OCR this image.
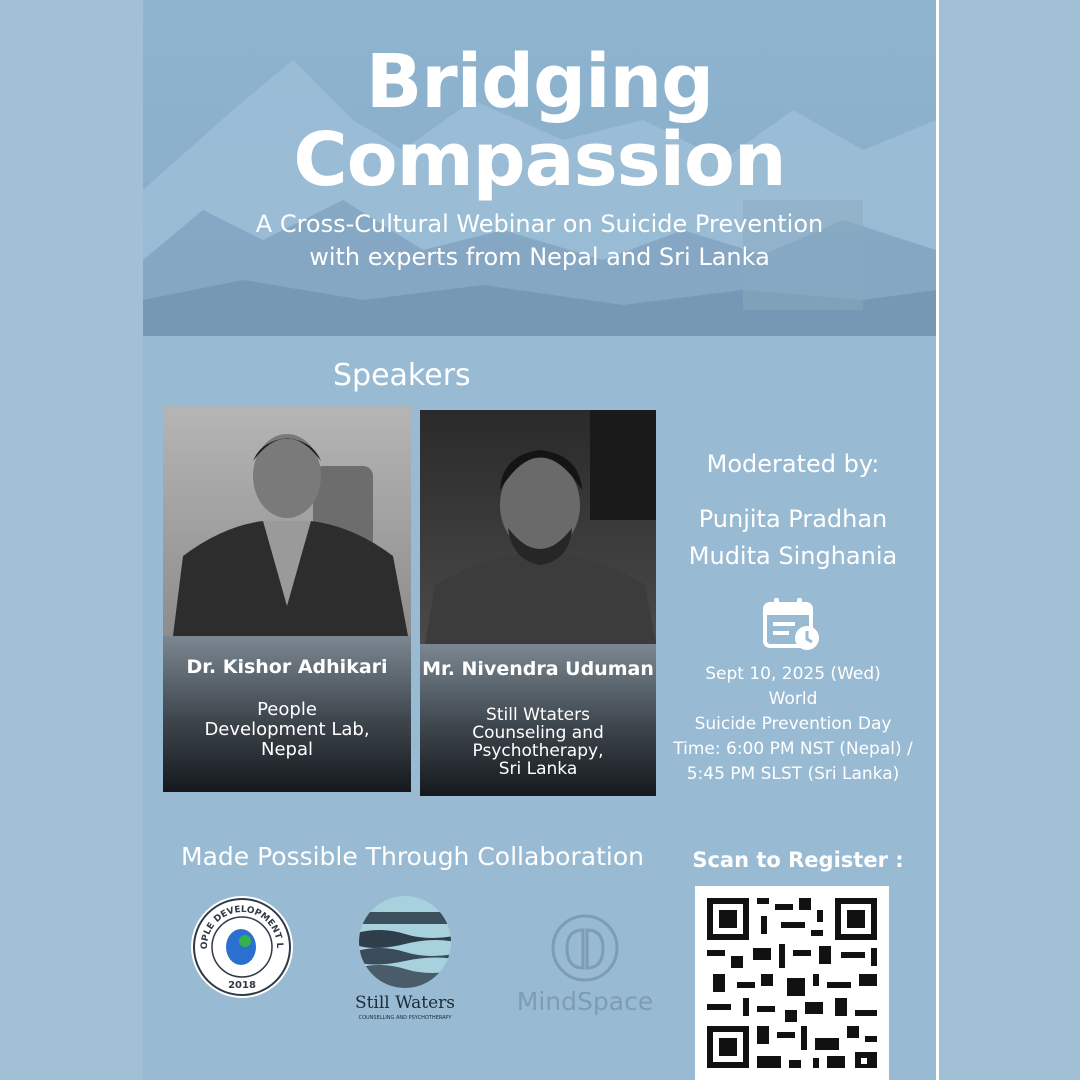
Bridging
Compassion
A Cross-Cultural Webinar on Suicide Prevention
with experts from Nepal and Sri Lanka
Speakers
Dr. Kishor Adhikari
People
Development Lab,
Nepal
Mr. Nivendra Uduman
Still Wtaters
Counseling and
Psychotherapy,
Sri Lanka
Moderated by:
Punjita Pradhan
Mudita Singhania
Sept 10, 2025 (Wed)
World
Suicide Prevention Day
Time: 6:00 PM NST (Nepal) /
5:45 PM SLST (Sri Lanka)
Made Possible Through Collaboration
OPLE DEVELOPMENT L
2018
Still Waters
COUNSELLING AND PSYCHOTHERAPY
MindSpace
Scan to Register :
